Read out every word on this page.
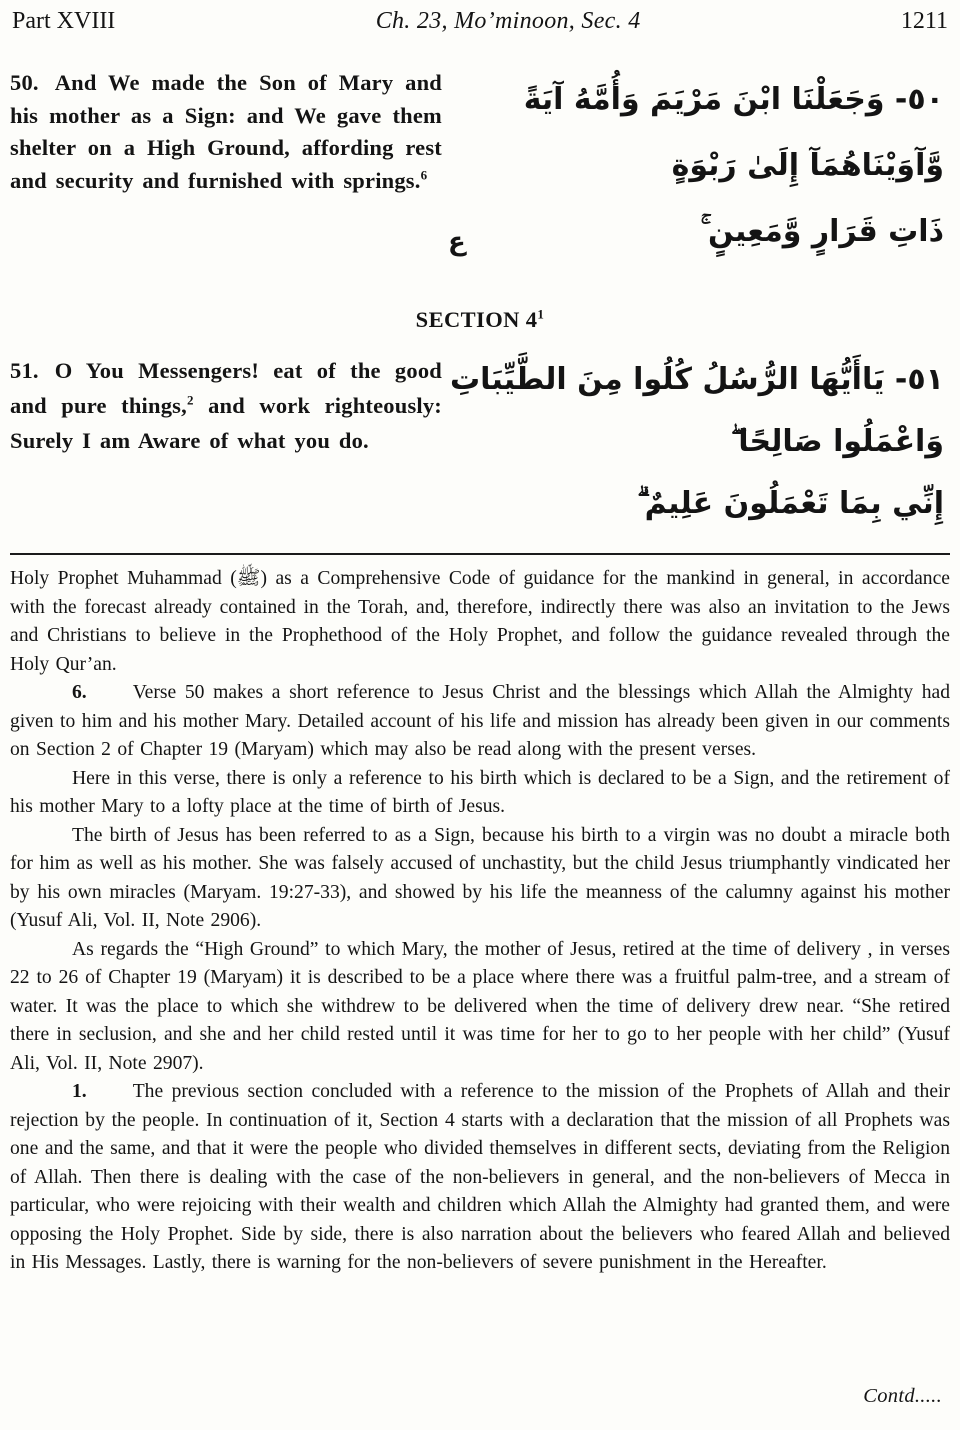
Part XVIII	Ch. 23, Mo’minoon, Sec. 4	1211

50. And We made the Son of Mary and his mother as a Sign: and We gave them shelter on a High Ground, affording rest and security and furnished with springs.$^6$

٥٠- وَجَعَلْنَا ابْنَ مَرْيَمَ وَأُمَّهُ آيَةً
وَّآوَيْنَاهُمَآ إِلَىٰ رَبْوَةٍ
ذَاتِ قَرَارٍ وَّمَعِينٍ ۚ
ع
SECTION $4^1$

51. O You Messengers! eat of the good and pure things,$^2$ and work righteously: Surely I am Aware of what you do.

٥١- يَاأَيُّهَا الرُّسُلُ كُلُوا مِنَ الطَّيِّبَاتِ
وَاعْمَلُوا صَالِحًا ۖ
إِنِّي بِمَا تَعْمَلُونَ عَلِيمٌ ۗ

Holy Prophet Muhammad (ﷺ) as a Comprehensive Code of guidance for the mankind in general, in accordance with the forecast already contained in the Torah, and, therefore, indirectly there was also an invitation to the Jews and Christians to believe in the Prophethood of the Holy Prophet, and follow the guidance revealed through the Holy Qur’an.

6. Verse 50 makes a short reference to Jesus Christ and the blessings which Allah the Almighty had given to him and his mother Mary. Detailed account of his life and mission has already been given in our comments on Section 2 of Chapter 19 (Maryam) which may also be read along with the present verses.

Here in this verse, there is only a reference to his birth which is declared to be a Sign, and the retirement of his mother Mary to a lofty place at the time of birth of Jesus.

The birth of Jesus has been referred to as a Sign, because his birth to a virgin was no doubt a miracle both for him as well as his mother. She was falsely accused of unchastity, but the child Jesus triumphantly vindicated her by his own miracles (Maryam. 19:27-33), and showed by his life the meanness of the calumny against his mother (Yusuf Ali, Vol. II, Note 2906).

As regards the “High Ground” to which Mary, the mother of Jesus, retired at the time of delivery , in verses 22 to 26 of Chapter 19 (Maryam) it is described to be a place where there was a fruitful palm-tree, and a stream of water. It was the place to which she withdrew to be delivered when the time of delivery drew near. “She retired there in seclusion, and she and her child rested until it was time for her to go to her people with her child” (Yusuf Ali, Vol. II, Note 2907).

1. The previous section concluded with a reference to the mission of the Prophets of Allah and their rejection by the people. In continuation of it, Section 4 starts with a declaration that the mission of all Prophets was one and the same, and that it were the people who divided themselves in different sects, deviating from the Religion of Allah. Then there is dealing with the case of the non-believers in general, and the non-believers of Mecca in particular, who were rejoicing with their wealth and children which Allah the Almighty had granted them, and were opposing the Holy Prophet. Side by side, there is also narration about the believers who feared Allah and believed in His Messages. Lastly, there is warning for the non-believers of severe punishment in the Hereafter.

Contd.....
